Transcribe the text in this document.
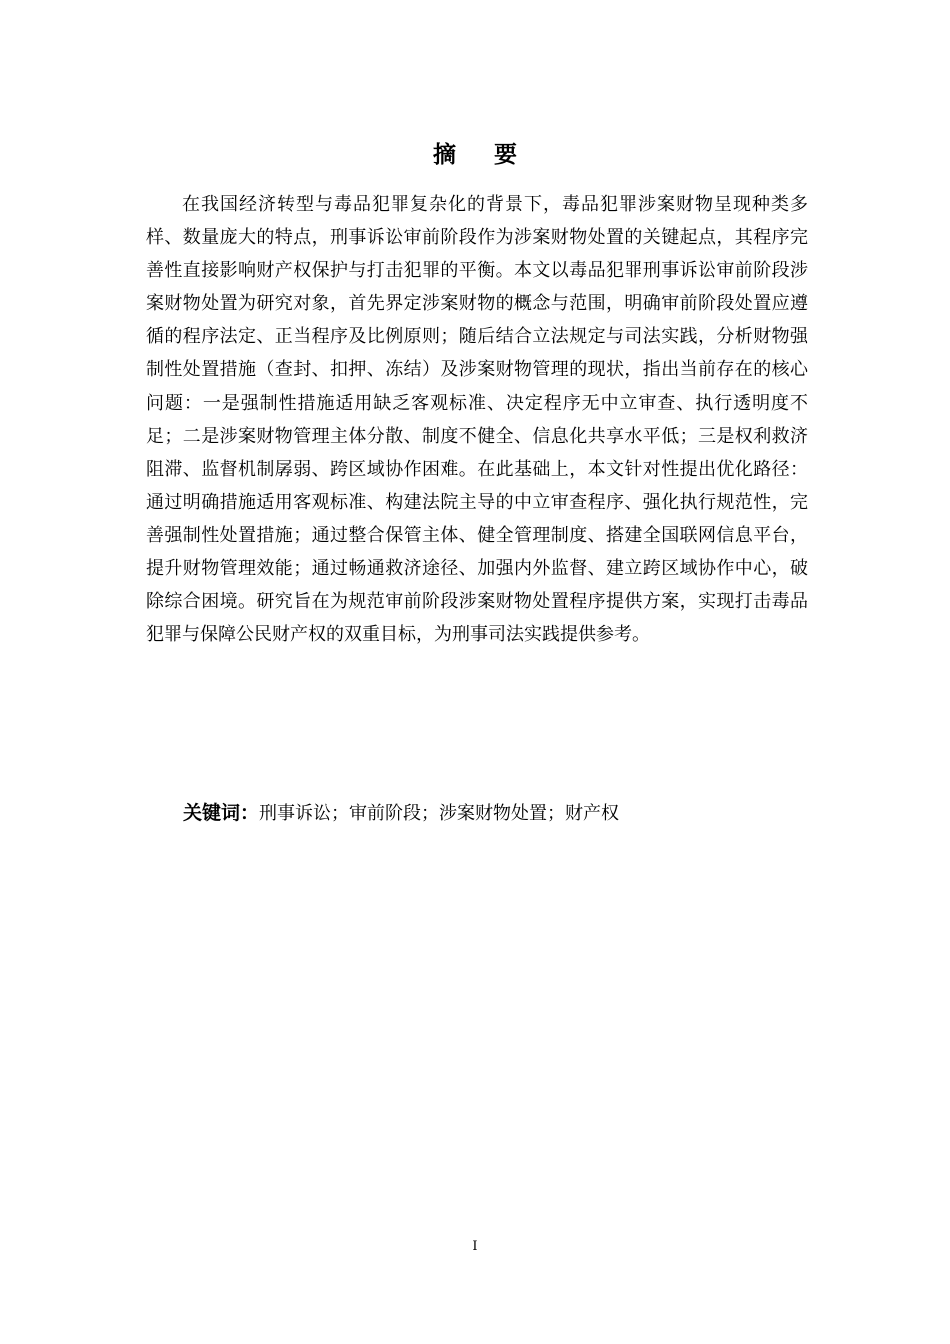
摘要

在我国经济转型与毒品犯罪复杂化的背景下，毒品犯罪涉案财物呈现种类多样、数量庞大的特点，刑事诉讼审前阶段作为涉案财物处置的关键起点，其程序完善性直接影响财产权保护与打击犯罪的平衡。本文以毒品犯罪刑事诉讼审前阶段涉案财物处置为研究对象，首先界定涉案财物的概念与范围，明确审前阶段处置应遵循的程序法定、正当程序及比例原则；随后结合立法规定与司法实践，分析财物强制性处置措施（查封、扣押、冻结）及涉案财物管理的现状，指出当前存在的核心问题：一是强制性措施适用缺乏客观标准、决定程序无中立审查、执行透明度不足；二是涉案财物管理主体分散、制度不健全、信息化共享水平低；三是权利救济阻滞、监督机制孱弱、跨区域协作困难。在此基础上，本文针对性提出优化路径：通过明确措施适用客观标准、构建法院主导的中立审查程序、强化执行规范性，完善强制性处置措施；通过整合保管主体、健全管理制度、搭建全国联网信息平台，提升财物管理效能；通过畅通救济途径、加强内外监督、建立跨区域协作中心，破除综合困境。研究旨在为规范审前阶段涉案财物处置程序提供方案，实现打击毒品犯罪与保障公民财产权的双重目标，为刑事司法实践提供参考。

关键词：刑事诉讼；审前阶段；涉案财物处置；财产权
I
